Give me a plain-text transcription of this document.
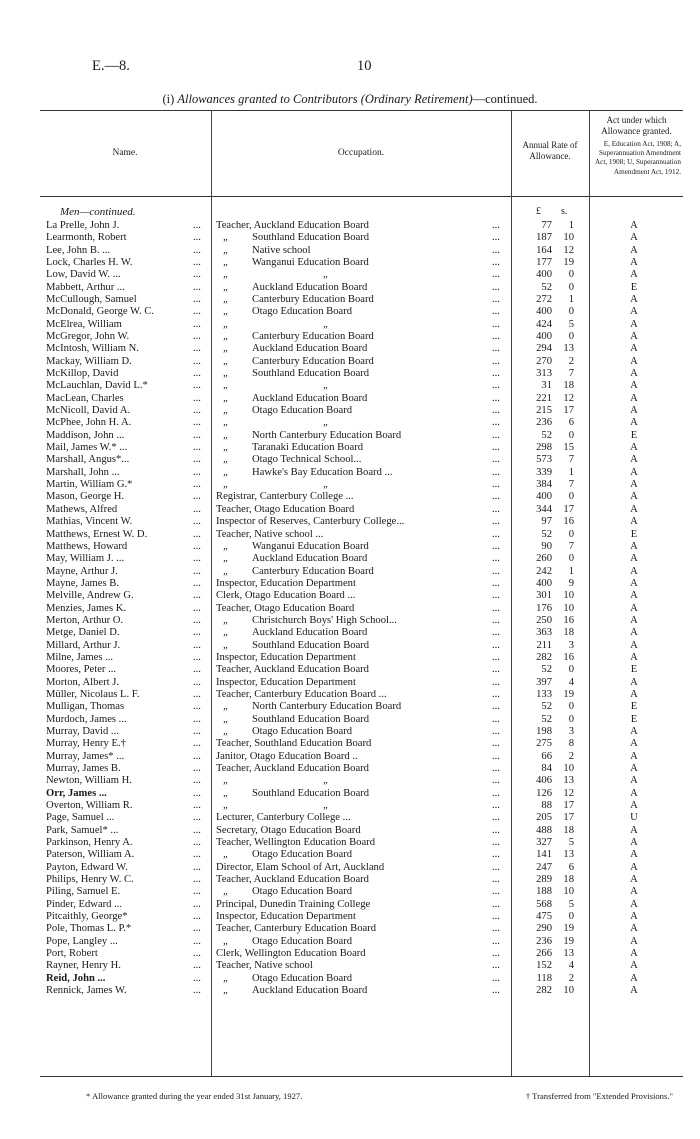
E.—8.	10
(i) Allowances granted to Contributors (Ordinary Retirement)—continued.
Name.	Occupation.
Annual Rate of Allowance.
Act under which Allowance granted.
E, Education Act, 1908; A, Superannuation Amendment Act, 1908; U, Superannuation Amendment Act, 1912.
Men—continued.	£ s.
La Prelle, John J.	... Teacher, Auckland Education Board	...	77	1	A
Learmonth, Robert	...	„ Southland Education Board	...	187	10	A
Lee, John B. ...	...	„ Native school	...	164	12	A
Lock, Charles H. W.	...	„ Wanganui Education Board	...	177	19	A
Low, David W. ...	...	„	„	...	400	0	A
Mabbett, Arthur ...	...	„ Auckland Education Board	...	52	0	E
McCullough, Samuel	...	„ Canterbury Education Board	...	272	1	A
McDonald, George W. C.	...	„ Otago Education Board	...	400	0	A
McElrea, William	...	„	„	...	424	5	A
McGregor, John W.	...	„ Canterbury Education Board	...	400	0	A
McIntosh, William N.	...	„ Auckland Education Board	...	294	13	A
Mackay, William D.	...	„ Canterbury Education Board	...	270	2	A
McKillop, David	...	„ Southland Education Board	...	313	7	A
McLauchlan, David L.*	...	„	„	...	31	18	A
MacLean, Charles	...	„ Auckland Education Board	...	221	12	A
McNicoll, David A.	...	„ Otago Education Board	...	215	17	A
McPhee, John H. A.	...	„	„	...	236	6	A
Maddison, John ...	...	„ North Canterbury Education Board	...	52	0	E
Mail, James W.* ...	...	„ Taranaki Education Board	...	298	15	A
Marshall, Angus*...	...	„ Otago Technical School...	...	573	7	A
Marshall, John ...	...	„ Hawke's Bay Education Board ...	...	339	1	A
Martin, William G.*	...	„	„	...	384	7	A
Mason, George H.	... Registrar, Canterbury College ...	...	400	0	A
Mathews, Alfred	... Teacher, Otago Education Board	...	344	17	A
Mathias, Vincent W.	... Inspector of Reserves, Canterbury College...	...	97	16	A
Matthews, Ernest W. D.	... Teacher, Native school ...	...	52	0	E
Matthews, Howard	...	„ Wanganui Education Board	...	90	7	A
May, William J. ...	...	„ Auckland Education Board	...	260	0	A
Mayne, Arthur J.	...	„ Canterbury Education Board	...	242	1	A
Mayne, James B.	... Inspector, Education Department	...	400	9	A
Melville, Andrew G.	... Clerk, Otago Education Board ...	...	301	10	A
Menzies, James K.	... Teacher, Otago Education Board	...	176	10	A
Merton, Arthur O.	...	„ Christchurch Boys' High School...	...	250	16	A
Metge, Daniel D.	...	„ Auckland Education Board	...	363	18	A
Millard, Arthur J.	...	„ Southland Education Board	...	211	3	A
Milne, James ...	... Inspector, Education Department	...	282	16	A
Moores, Peter ...	... Teacher, Auckland Education Board	...	52	0	E
Morton, Albert J.	... Inspector, Education Department	...	397	4	A
Müller, Nicolaus L. F.	... Teacher, Canterbury Education Board ...	...	133	19	A
Mulligan, Thomas	...	„ North Canterbury Education Board	...	52	0	E
Murdoch, James ...	...	„ Southland Education Board	...	52	0	E
Murray, David ...	...	„ Otago Education Board	...	198	3	A
Murray, Henry E.†	... Teacher, Southland Education Board	...	275	8	A
Murray, James* ...	... Janitor, Otago Education Board ..	...	66	2	A
Murray, James B.	... Teacher, Auckland Education Board	...	84	10	A
Newton, William H.	...	„	„	...	406	13	A
Orr, James ...	...	„ Southland Education Board	...	126	12	A
Overton, William R.	...	„	„	...	88	17	A
Page, Samuel ...	... Lecturer, Canterbury College ...	...	205	17	U
Park, Samuel* ...	... Secretary, Otago Education Board	...	488	18	A
Parkinson, Henry A.	... Teacher, Wellington Education Board	...	327	5	A
Paterson, William A.	...	„ Otago Education Board	...	141	13	A
Payton, Edward W.	... Director, Elam School of Art, Auckland	...	247	6	A
Philips, Henry W. C.	... Teacher, Auckland Education Board	...	289	18	A
Piling, Samuel E.	...	„ Otago Education Board	...	188	10	A
Pinder, Edward ...	... Principal, Dunedin Training College	...	568	5	A
Pitcaithly, George*	... Inspector, Education Department	...	475	0	A
Pole, Thomas L. P.*	... Teacher, Canterbury Education Board	...	290	19	A
Pope, Langley ...	...	„ Otago Education Board	...	236	19	A
Port, Robert	... Clerk, Wellington Education Board	...	266	13	A
Rayner, Henry H.	... Teacher, Native school	...	152	4	A
Reid, John ...	...	„ Otago Education Board	...	118	2	A
Rennick, James W.	...	„ Auckland Education Board	...	282	10	A
* Allowance granted during the year ended 31st January, 1927.	† Transferred from "Extended Provisions."
